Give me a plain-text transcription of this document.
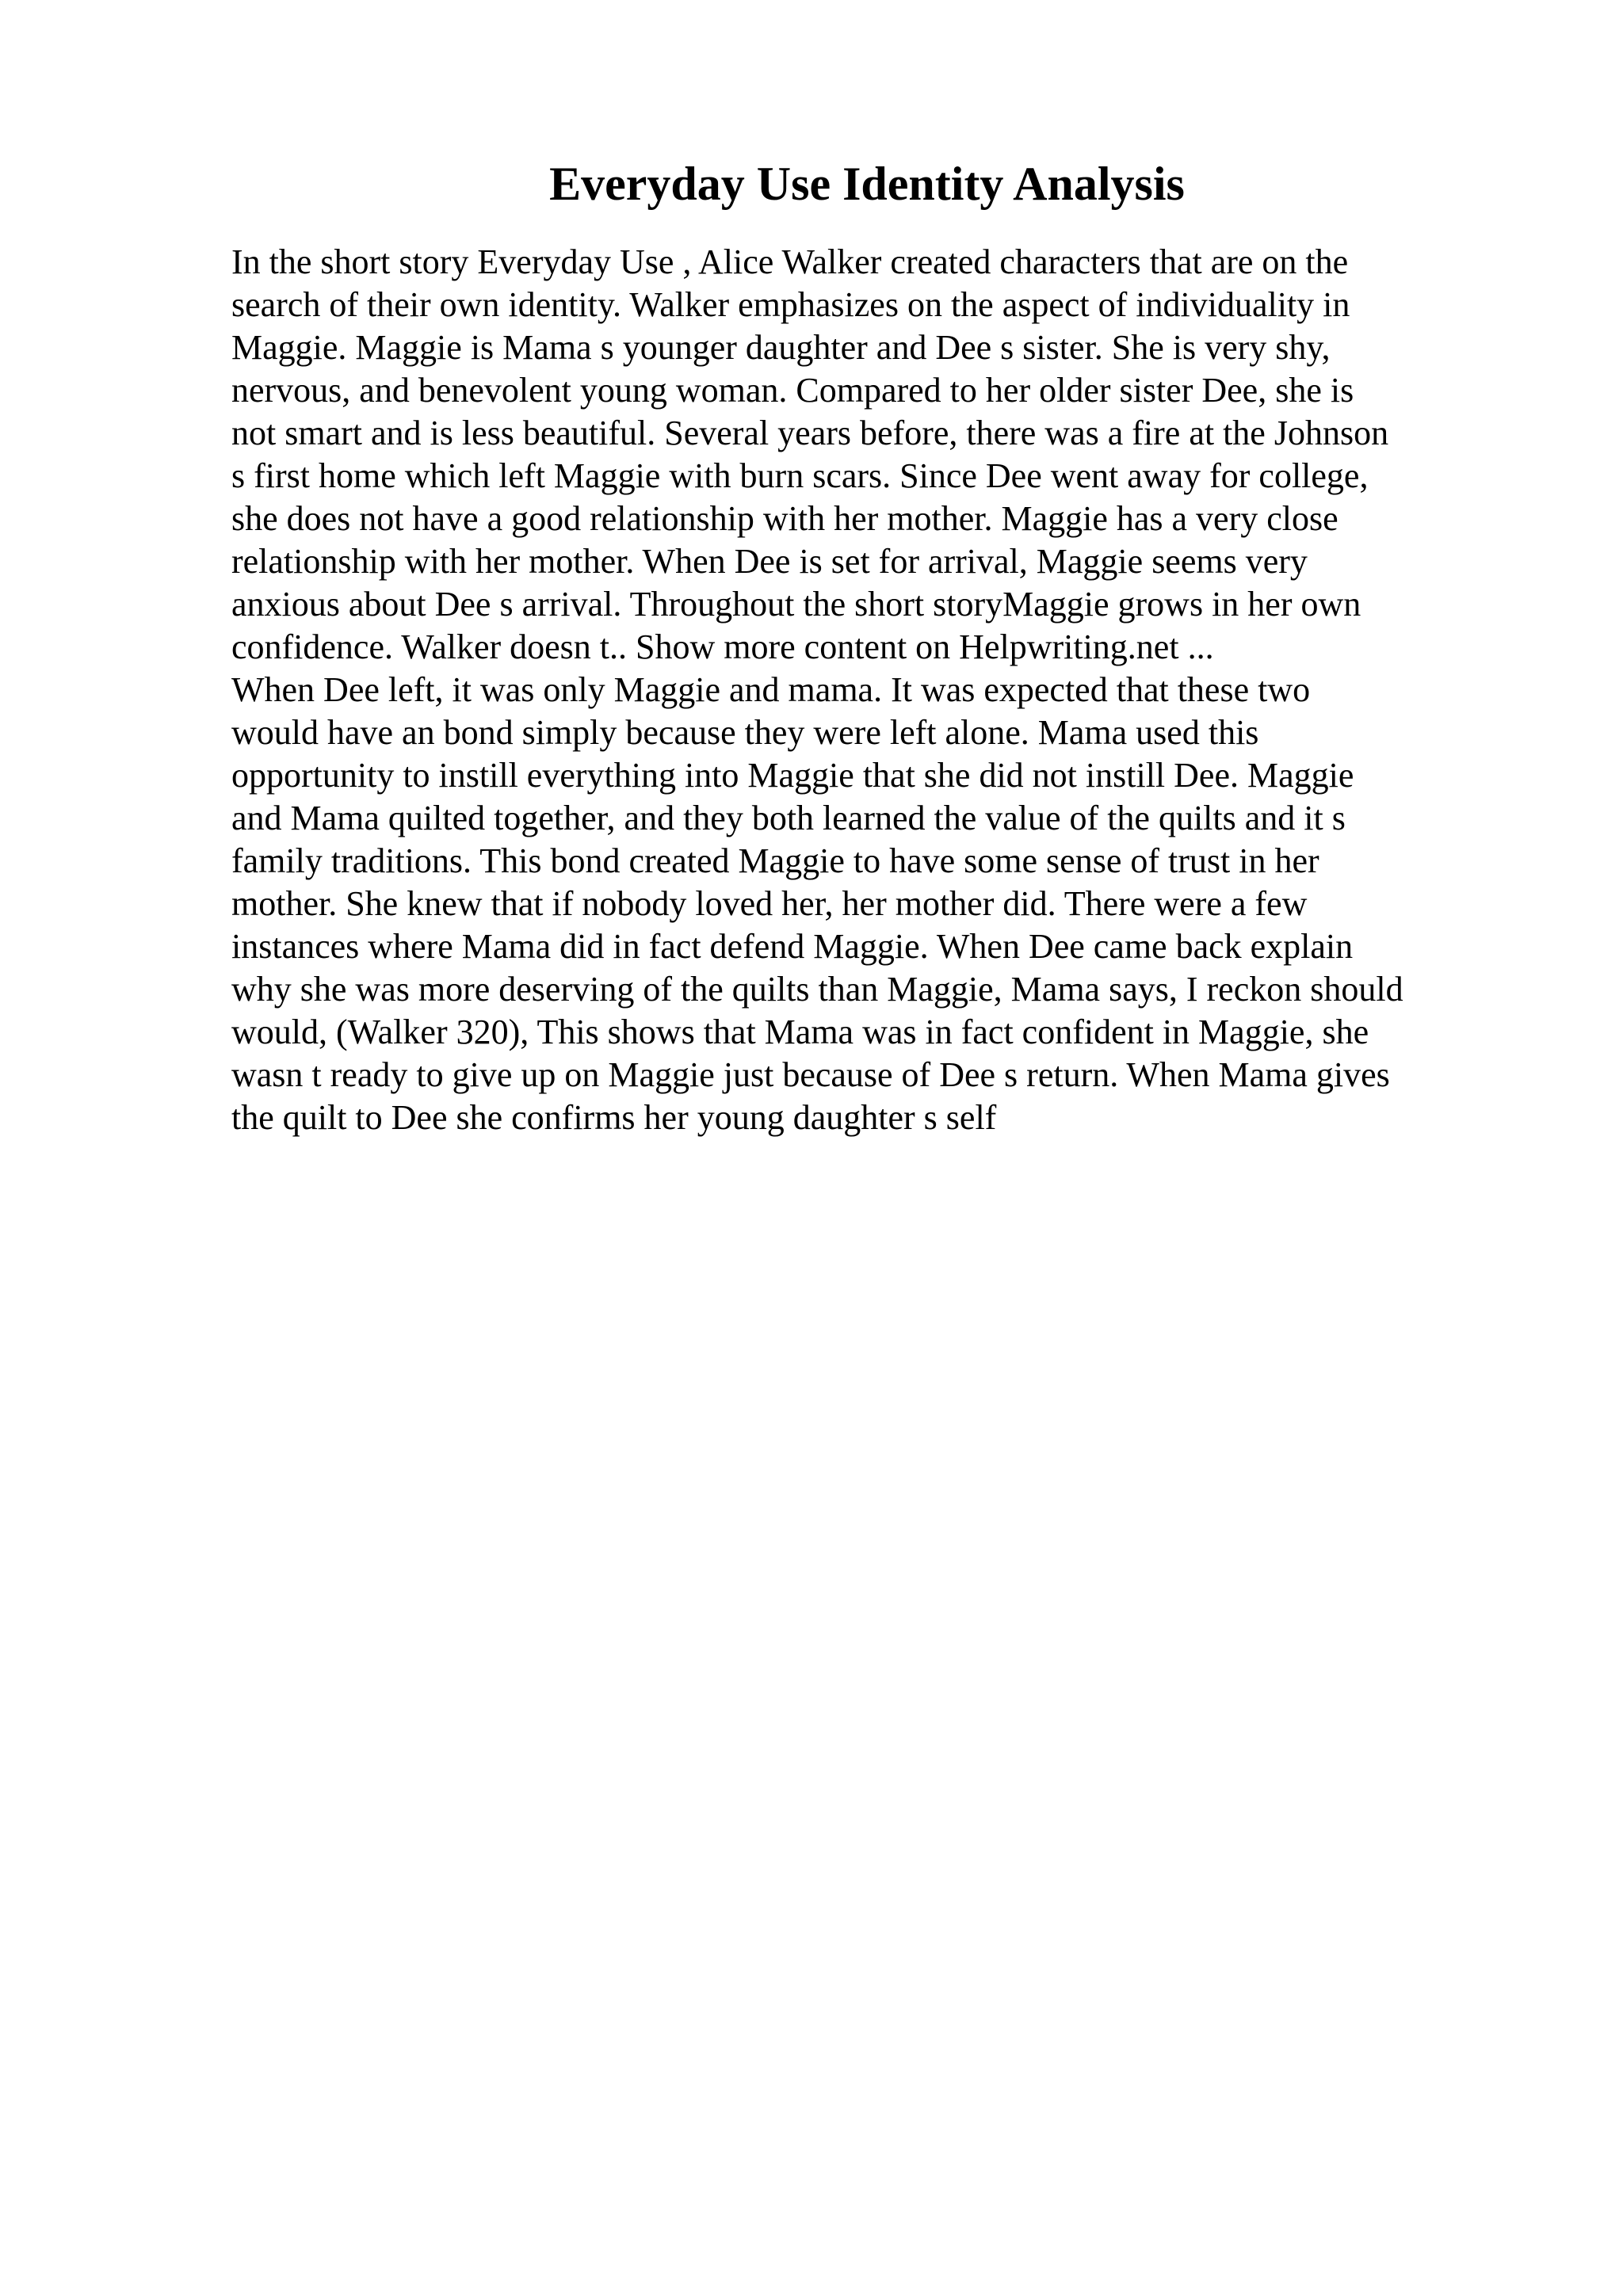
Everyday Use Identity Analysis
In the short story Everyday Use , Alice Walker created characters that are on the
search of their own identity. Walker emphasizes on the aspect of individuality in
Maggie. Maggie is Mama s younger daughter and Dee s sister. She is very shy,
nervous, and benevolent young woman. Compared to her older sister Dee, she is
not smart and is less beautiful. Several years before, there was a fire at the Johnson
s first home which left Maggie with burn scars. Since Dee went away for college,
she does not have a good relationship with her mother. Maggie has a very close
relationship with her mother. When Dee is set for arrival, Maggie seems very
anxious about Dee s arrival. Throughout the short storyMaggie grows in her own
confidence. Walker doesn t.. Show more content on Helpwriting.net ...
When Dee left, it was only Maggie and mama. It was expected that these two
would have an bond simply because they were left alone. Mama used this
opportunity to instill everything into Maggie that she did not instill Dee. Maggie
and Mama quilted together, and they both learned the value of the quilts and it s
family traditions. This bond created Maggie to have some sense of trust in her
mother. She knew that if nobody loved her, her mother did. There were a few
instances where Mama did in fact defend Maggie. When Dee came back explain
why she was more deserving of the quilts than Maggie, Mama says, I reckon should
would, (Walker 320), This shows that Mama was in fact confident in Maggie, she
wasn t ready to give up on Maggie just because of Dee s return. When Mama gives
the quilt to Dee she confirms her young daughter s self
